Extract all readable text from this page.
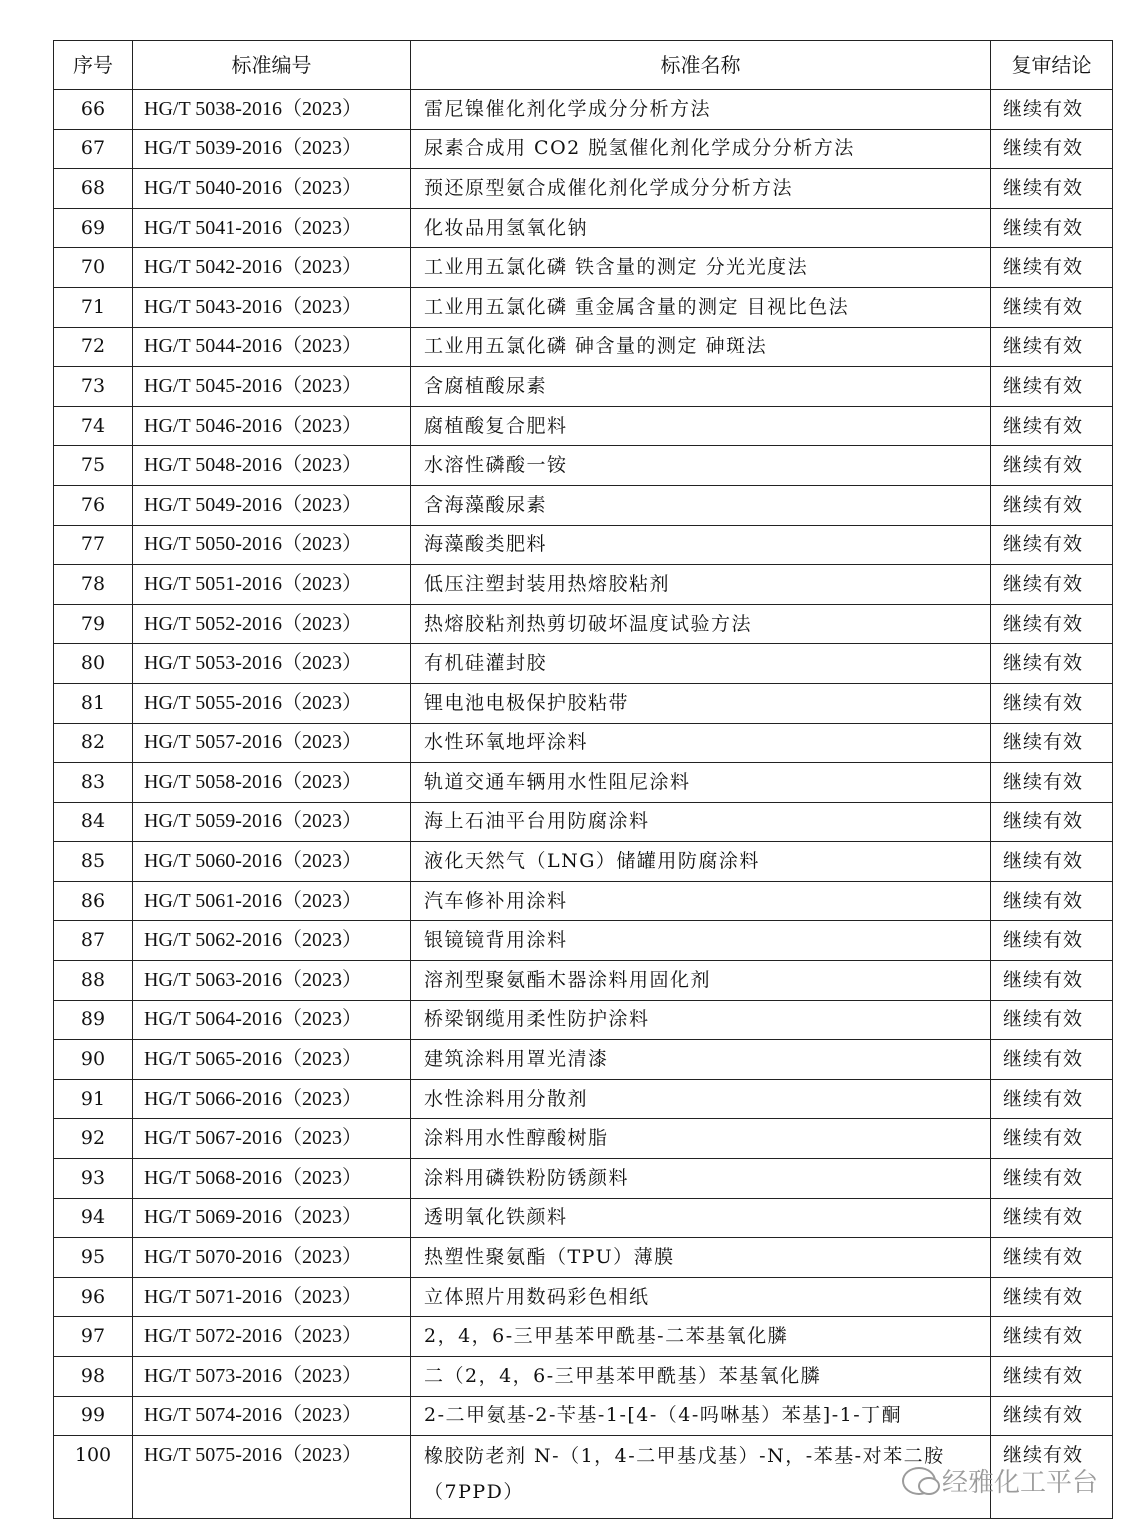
序号	标准编号	标准名称	复审结论
66	HG/T 5038-2016（2023）	雷尼镍催化剂化学成分分析方法	继续有效
67	HG/T 5039-2016（2023）	尿素合成用 CO2 脱氢催化剂化学成分分析方法	继续有效
68	HG/T 5040-2016（2023）	预还原型氨合成催化剂化学成分分析方法	继续有效
69	HG/T 5041-2016（2023）	化妆品用氢氧化钠	继续有效
70	HG/T 5042-2016（2023）	工业用五氯化磷 铁含量的测定 分光光度法	继续有效
71	HG/T 5043-2016（2023）	工业用五氯化磷 重金属含量的测定 目视比色法	继续有效
72	HG/T 5044-2016（2023）	工业用五氯化磷 砷含量的测定 砷斑法	继续有效
73	HG/T 5045-2016（2023）	含腐植酸尿素	继续有效
74	HG/T 5046-2016（2023）	腐植酸复合肥料	继续有效
75	HG/T 5048-2016（2023）	水溶性磷酸一铵	继续有效
76	HG/T 5049-2016（2023）	含海藻酸尿素	继续有效
77	HG/T 5050-2016（2023）	海藻酸类肥料	继续有效
78	HG/T 5051-2016（2023）	低压注塑封装用热熔胶粘剂	继续有效
79	HG/T 5052-2016（2023）	热熔胶粘剂热剪切破坏温度试验方法	继续有效
80	HG/T 5053-2016（2023）	有机硅灌封胶	继续有效
81	HG/T 5055-2016（2023）	锂电池电极保护胶粘带	继续有效
82	HG/T 5057-2016（2023）	水性环氧地坪涂料	继续有效
83	HG/T 5058-2016（2023）	轨道交通车辆用水性阻尼涂料	继续有效
84	HG/T 5059-2016（2023）	海上石油平台用防腐涂料	继续有效
85	HG/T 5060-2016（2023）	液化天然气（LNG）储罐用防腐涂料	继续有效
86	HG/T 5061-2016（2023）	汽车修补用涂料	继续有效
87	HG/T 5062-2016（2023）	银镜镜背用涂料	继续有效
88	HG/T 5063-2016（2023）	溶剂型聚氨酯木器涂料用固化剂	继续有效
89	HG/T 5064-2016（2023）	桥梁钢缆用柔性防护涂料	继续有效
90	HG/T 5065-2016（2023）	建筑涂料用罩光清漆	继续有效
91	HG/T 5066-2016（2023）	水性涂料用分散剂	继续有效
92	HG/T 5067-2016（2023）	涂料用水性醇酸树脂	继续有效
93	HG/T 5068-2016（2023）	涂料用磷铁粉防锈颜料	继续有效
94	HG/T 5069-2016（2023）	透明氧化铁颜料	继续有效
95	HG/T 5070-2016（2023）	热塑性聚氨酯（TPU）薄膜	继续有效
96	HG/T 5071-2016（2023）	立体照片用数码彩色相纸	继续有效
97	HG/T 5072-2016（2023）	2，4，6-三甲基苯甲酰基-二苯基氧化膦	继续有效
98	HG/T 5073-2016（2023）	二（2，4，6-三甲基苯甲酰基）苯基氧化膦	继续有效
99	HG/T 5074-2016（2023）	2-二甲氨基-2-苄基-1-[4-（4-吗啉基）苯基]-1-丁酮	继续有效
100	HG/T 5075-2016（2023）	橡胶防老剂 N-（1，4-二甲基戊基）-N，-苯基-对苯二胺（7PPD）	继续有效
经雅化工平台
